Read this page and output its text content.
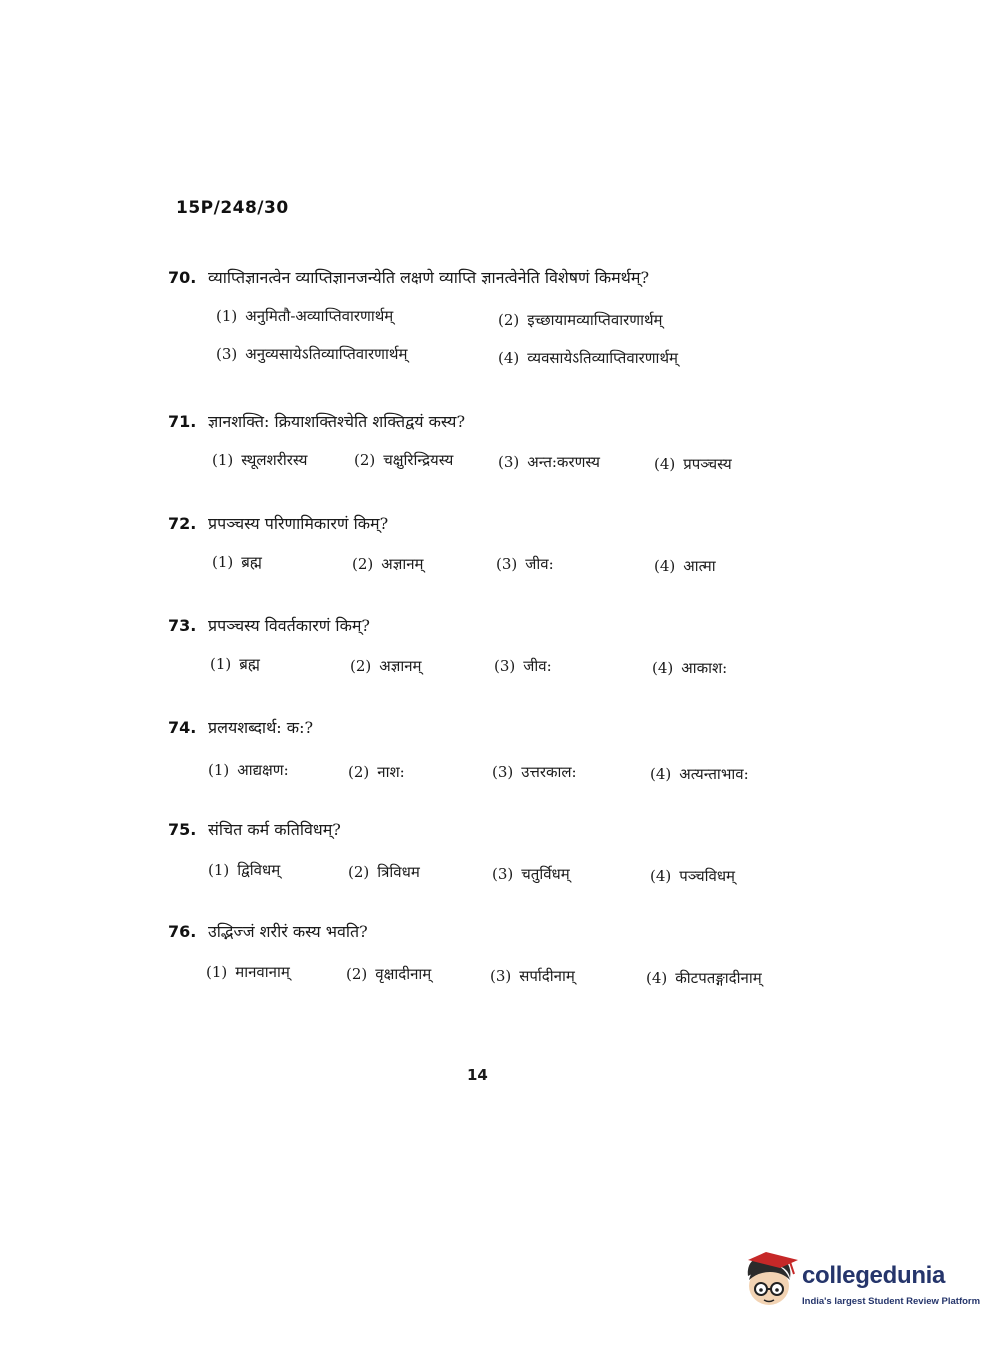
15P/248/30
70. व्याप्तिज्ञानत्वेन व्याप्तिज्ञानजन्येति लक्षणे व्याप्ति ज्ञानत्वेनेति विशेषणं किमर्थम्?
(1) अनुमितौ-अव्याप्तिवारणार्थम्	(2) इच्छायामव्याप्तिवारणार्थम्
(3) अनुव्यसायेऽतिव्याप्तिवारणार्थम्	(4) व्यवसायेऽतिव्याप्तिवारणार्थम्
71. ज्ञानशक्ति: क्रियाशक्तिश्चेति शक्तिद्वयं कस्य?
(1) स्थूलशरीरस्य	(2) चक्षुरिन्द्रियस्य	(3) अन्त:करणस्य	(4) प्रपञ्चस्य
72. प्रपञ्चस्य परिणामिकारणं किम्?
(1) ब्रह्म	(2) अज्ञानम्	(3) जीव:	(4) आत्मा
73. प्रपञ्चस्य विवर्तकारणं किम्?
(1) ब्रह्म	(2) अज्ञानम्	(3) जीव:	(4) आकाश:
74. प्रलयशब्दार्थ: क:?
(1) आद्यक्षण:	(2) नाश:	(3) उत्तरकाल:	(4) अत्यन्ताभाव:
75. संचित कर्म कतिविधम्?
(1) द्विविधम्	(2) त्रिविधम	(3) चतुर्विधम्	(4) पञ्चविधम्
76. उद्भिज्जं शरीरं कस्य भवति?
(1) मानवानाम्	(2) वृक्षादीनाम्	(3) सर्पादीनाम्	(4) कीटपतङ्गादीनाम्
14
collegedunia
India's largest Student Review Platform
